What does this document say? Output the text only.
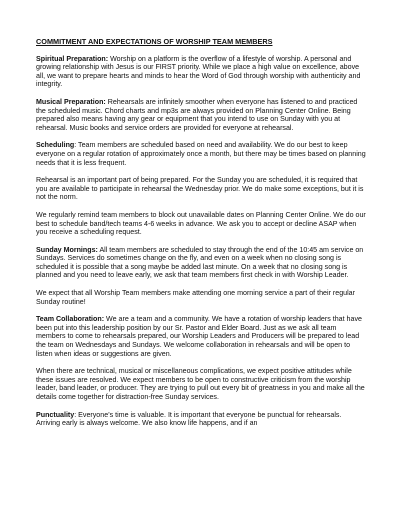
COMMITMENT AND EXPECTATIONS OF WORSHIP TEAM MEMBERS

Spiritual Preparation: Worship on a platform is the overflow of a lifestyle of worship. A personal and growing relationship with Jesus is our FIRST priority. While we place a high value on excellence, above all, we want to prepare hearts and minds to hear the Word of God through worship with authenticity and integrity.

Musical Preparation: Rehearsals are infinitely smoother when everyone has listened to and practiced the scheduled music. Chord charts and mp3s are always provided on Planning Center Online. Being prepared also means having any gear or equipment that you intend to use on Sunday with you at rehearsal. Music books and service orders are provided for everyone at rehearsal.

Scheduling: Team members are scheduled based on need and availability. We do our best to keep everyone on a regular rotation of approximately once a month, but there may be times based on planning needs that it is less frequent.

Rehearsal is an important part of being prepared. For the Sunday you are scheduled, it is required that you are available to participate in rehearsal the Wednesday prior. We do make some exceptions, but it is not the norm.

We regularly remind team members to block out unavailable dates on Planning Center Online. We do our best to schedule band/tech teams 4-6 weeks in advance. We ask you to accept or decline ASAP when you receive a scheduling request.

Sunday Mornings: All team members are scheduled to stay through the end of the 10:45 am service on Sundays. Services do sometimes change on the fly, and even on a week when no closing song is scheduled it is possible that a song maybe be added last minute. On a week that no closing song is planned and you need to leave early, we ask that team members first check in with Worship Leader.

We expect that all Worship Team members make attending one morning service a part of their regular Sunday routine!

Team Collaboration: We are a team and a community. We have a rotation of worship leaders that have been put into this leadership position by our Sr. Pastor and Elder Board. Just as we ask all team members to come to rehearsals prepared, our Worship Leaders and Producers will be prepared to lead the team on Wednesdays and Sundays. We welcome collaboration in rehearsals and will be open to listen when ideas or suggestions are given.

When there are technical, musical or miscellaneous complications, we expect positive attitudes while these issues are resolved. We expect members to be open to constructive criticism from the worship leader, band leader, or producer. They are trying to pull out every bit of greatness in you and make all the details come together for distraction-free Sunday services.

Punctuality: Everyone’s time is valuable. It is important that everyone be punctual for rehearsals. Arriving early is always welcome. We also know life happens, and if an
